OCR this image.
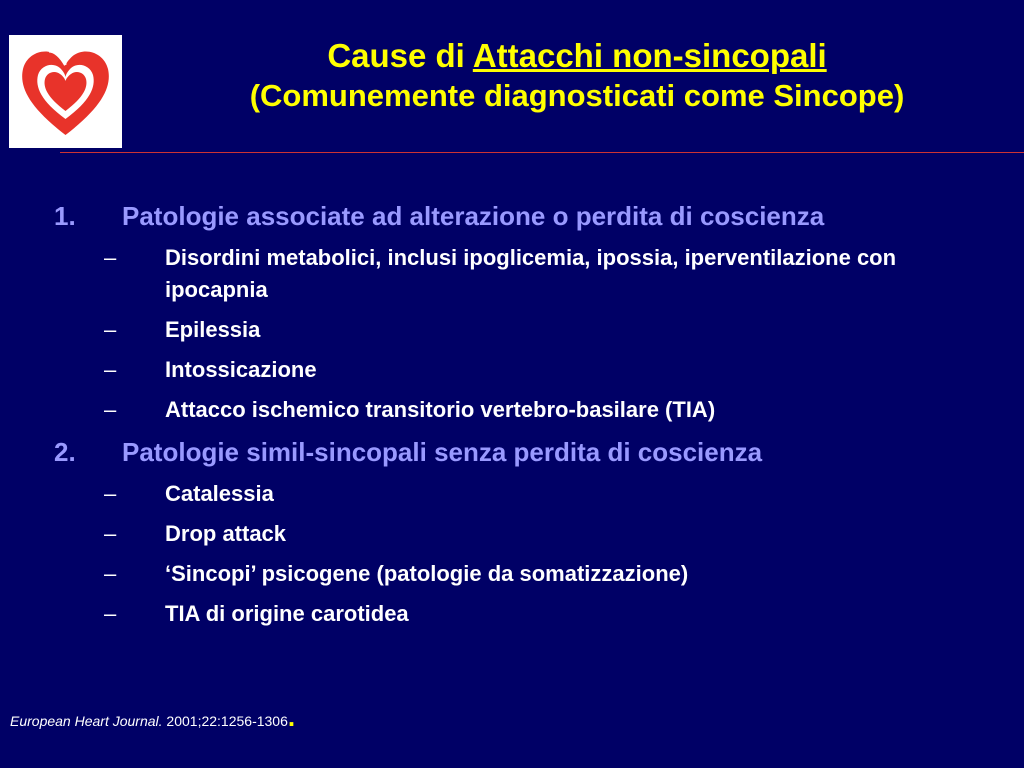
Cause di Attacchi non-sincopali
(Comunemente diagnosticati come Sincope)
1. Patologie associate ad alterazione o perdita di coscienza
– Disordini metabolici, inclusi ipoglicemia, ipossia, iperventilazione con ipocapnia
– Epilessia
– Intossicazione
– Attacco ischemico transitorio vertebro-basilare (TIA)
2. Patologie simil-sincopali senza perdita di coscienza
– Catalessia
– Drop attack
– ‘Sincopi’ psicogene (patologie da somatizzazione)
– TIA di origine carotidea
European Heart Journal. 2001;22:1256-1306.
